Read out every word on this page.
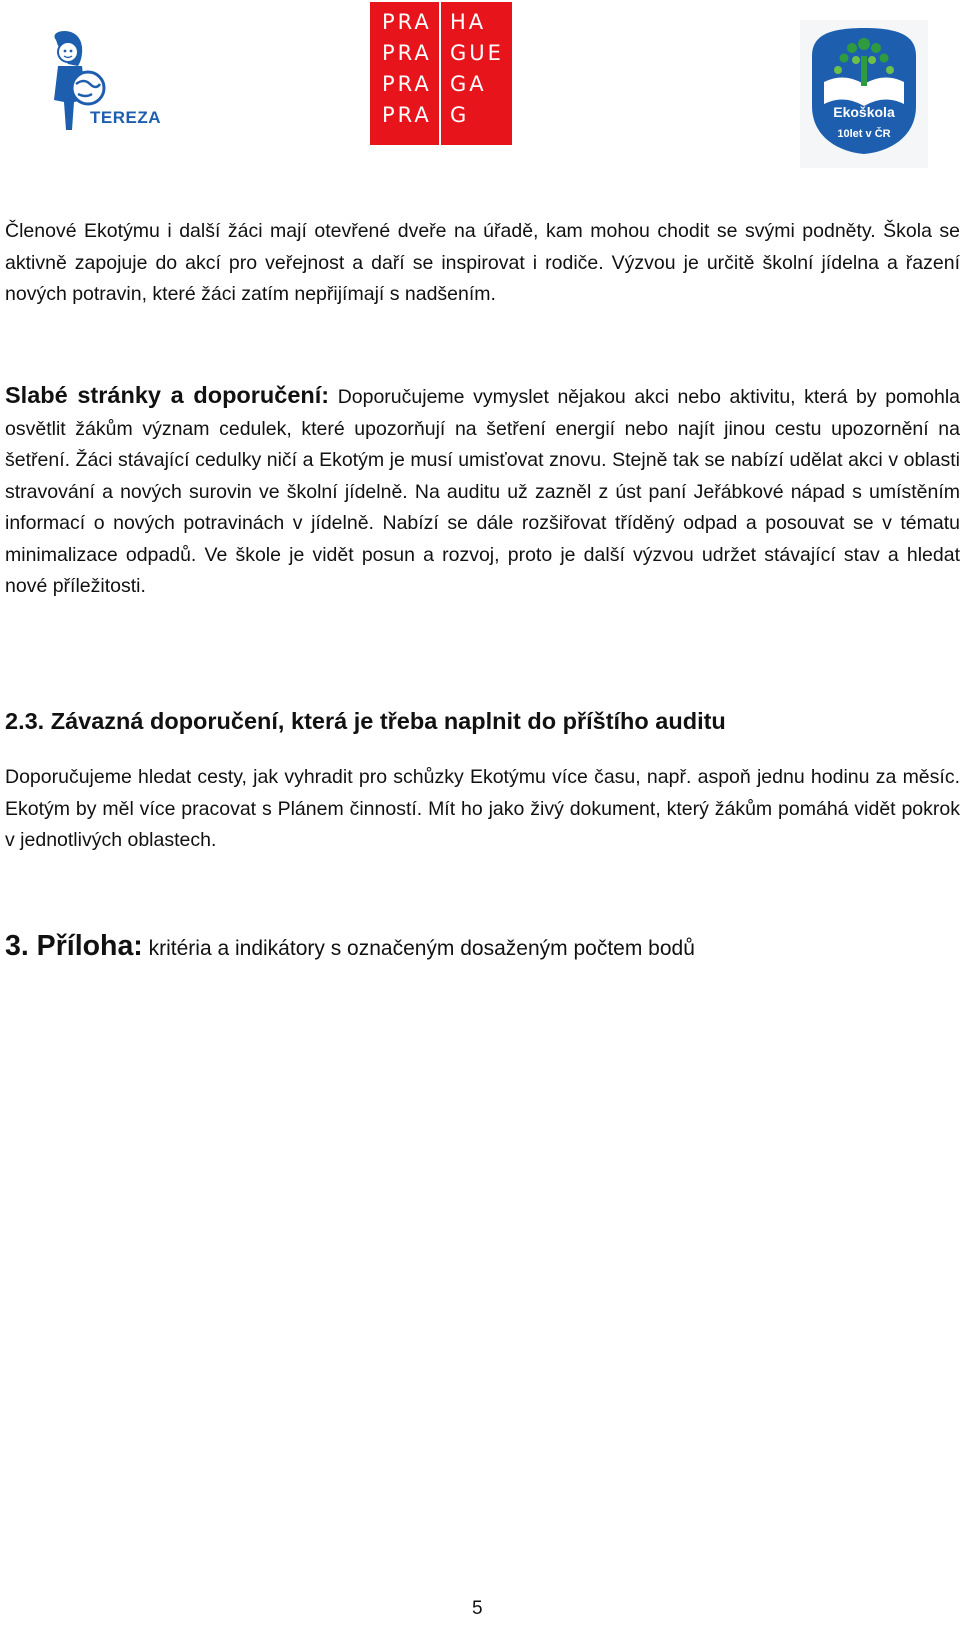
TEREZA
PRA HA
PRA GUE
PRA GA
PRA G	Ekoškola
10let v ČR

Členové Ekotýmu i další žáci mají otevřené dveře na úřadě, kam mohou chodit se svými podněty. Škola se aktivně zapojuje do akcí pro veřejnost a daří se inspirovat i rodiče. Výzvou je určitě školní jídelna a řazení nových potravin, které žáci zatím nepřijímají s nadšením.

Slabé stránky a doporučení: Doporučujeme vymyslet nějakou akci nebo aktivitu, která by pomohla osvětlit žákům význam cedulek, které upozorňují na šetření energií nebo najít jinou cestu upozornění na šetření. Žáci stávající cedulky ničí a Ekotým je musí umisťovat znovu. Stejně tak se nabízí udělat akci v oblasti stravování a nových surovin ve školní jídelně. Na auditu už zazněl z úst paní Jeřábkové nápad s umístěním informací o nových potravinách v jídelně. Nabízí se dále rozšiřovat tříděný odpad a posouvat se v tématu minimalizace odpadů. Ve škole je vidět posun a rozvoj, proto je další výzvou udržet stávající stav a hledat nové příležitosti.

2.3. Závazná doporučení, která je třeba naplnit do příštího auditu

Doporučujeme hledat cesty, jak vyhradit pro schůzky Ekotýmu více času, např. aspoň jednu hodinu za měsíc. Ekotým by měl více pracovat s Plánem činností. Mít ho jako živý dokument, který žákům pomáhá vidět pokrok v jednotlivých oblastech.

3. Příloha: kritéria a indikátory s označeným dosaženým počtem bodů
5
